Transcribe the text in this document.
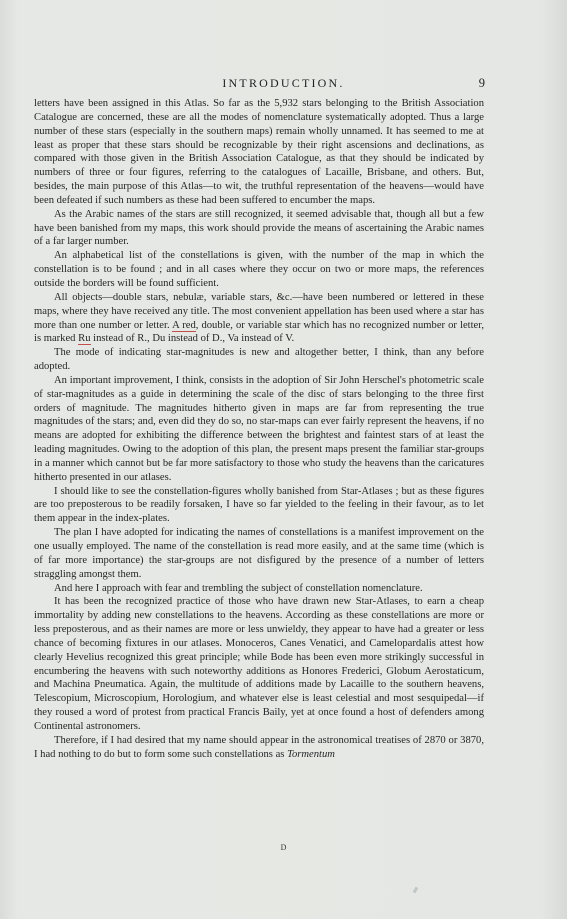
INTRODUCTION.	9

letters have been assigned in this Atlas. So far as the 5,932 stars belonging to the British Association Catalogue are concerned, these are all the modes of nomenclature systematically adopted. Thus a large number of these stars (especially in the southern maps) remain wholly unnamed. It has seemed to me at least as proper that these stars should be recognizable by their right ascensions and declinations, as compared with those given in the British Association Catalogue, as that they should be indicated by numbers of three or four figures, referring to the catalogues of Lacaille, Brisbane, and others. But, besides, the main purpose of this Atlas—to wit, the truthful representation of the heavens—would have been defeated if such numbers as these had been suffered to encumber the maps.

As the Arabic names of the stars are still recognized, it seemed advisable that, though all but a few have been banished from my maps, this work should provide the means of ascertaining the Arabic names of a far larger number.

An alphabetical list of the constellations is given, with the number of the map in which the constellation is to be found ; and in all cases where they occur on two or more maps, the references outside the borders will be found sufficient.

All objects—double stars, nebulæ, variable stars, &c.—have been numbered or lettered in these maps, where they have received any title. The most convenient appellation has been used where a star has more than one number or letter. A red, double, or variable star which has no recognized number or letter, is marked Ru instead of R., Du instead of D., Va instead of V.

The mode of indicating star-magnitudes is new and altogether better, I think, than any before adopted.

An important improvement, I think, consists in the adoption of Sir John Herschel's photometric scale of star-magnitudes as a guide in determining the scale of the disc of stars belonging to the three first orders of magnitude. The magnitudes hitherto given in maps are far from representing the true magnitudes of the stars; and, even did they do so, no star-maps can ever fairly represent the heavens, if no means are adopted for exhibiting the difference between the brightest and faintest stars of at least the leading magnitudes. Owing to the adoption of this plan, the present maps present the familiar star-groups in a manner which cannot but be far more satisfactory to those who study the heavens than the caricatures hitherto presented in our atlases.

I should like to see the constellation-figures wholly banished from Star-Atlases ; but as these figures are too preposterous to be readily forsaken, I have so far yielded to the feeling in their favour, as to let them appear in the index-plates.

The plan I have adopted for indicating the names of constellations is a manifest improvement on the one usually employed. The name of the constellation is read more easily, and at the same time (which is of far more importance) the star-groups are not disfigured by the presence of a number of letters straggling amongst them.

And here I approach with fear and trembling the subject of constellation nomenclature.

It has been the recognized practice of those who have drawn new Star-Atlases, to earn a cheap immortality by adding new constellations to the heavens. According as these constellations are more or less preposterous, and as their names are more or less unwieldy, they appear to have had a greater or less chance of becoming fixtures in our atlases. Monoceros, Canes Venatici, and Camelopardalis attest how clearly Hevelius recognized this great principle; while Bode has been even more strikingly successful in encumbering the heavens with such noteworthy additions as Honores Frederici, Globum Aerostaticum, and Machina Pneumatica. Again, the multitude of additions made by Lacaille to the southern heavens, Telescopium, Microscopium, Horologium, and whatever else is least celestial and most sesquipedal—if they roused a word of protest from practical Francis Baily, yet at once found a host of defenders among Continental astronomers.

Therefore, if I had desired that my name should appear in the astronomical treatises of 2870 or 3870, I had nothing to do but to form some such constellations as Tormentum

D
